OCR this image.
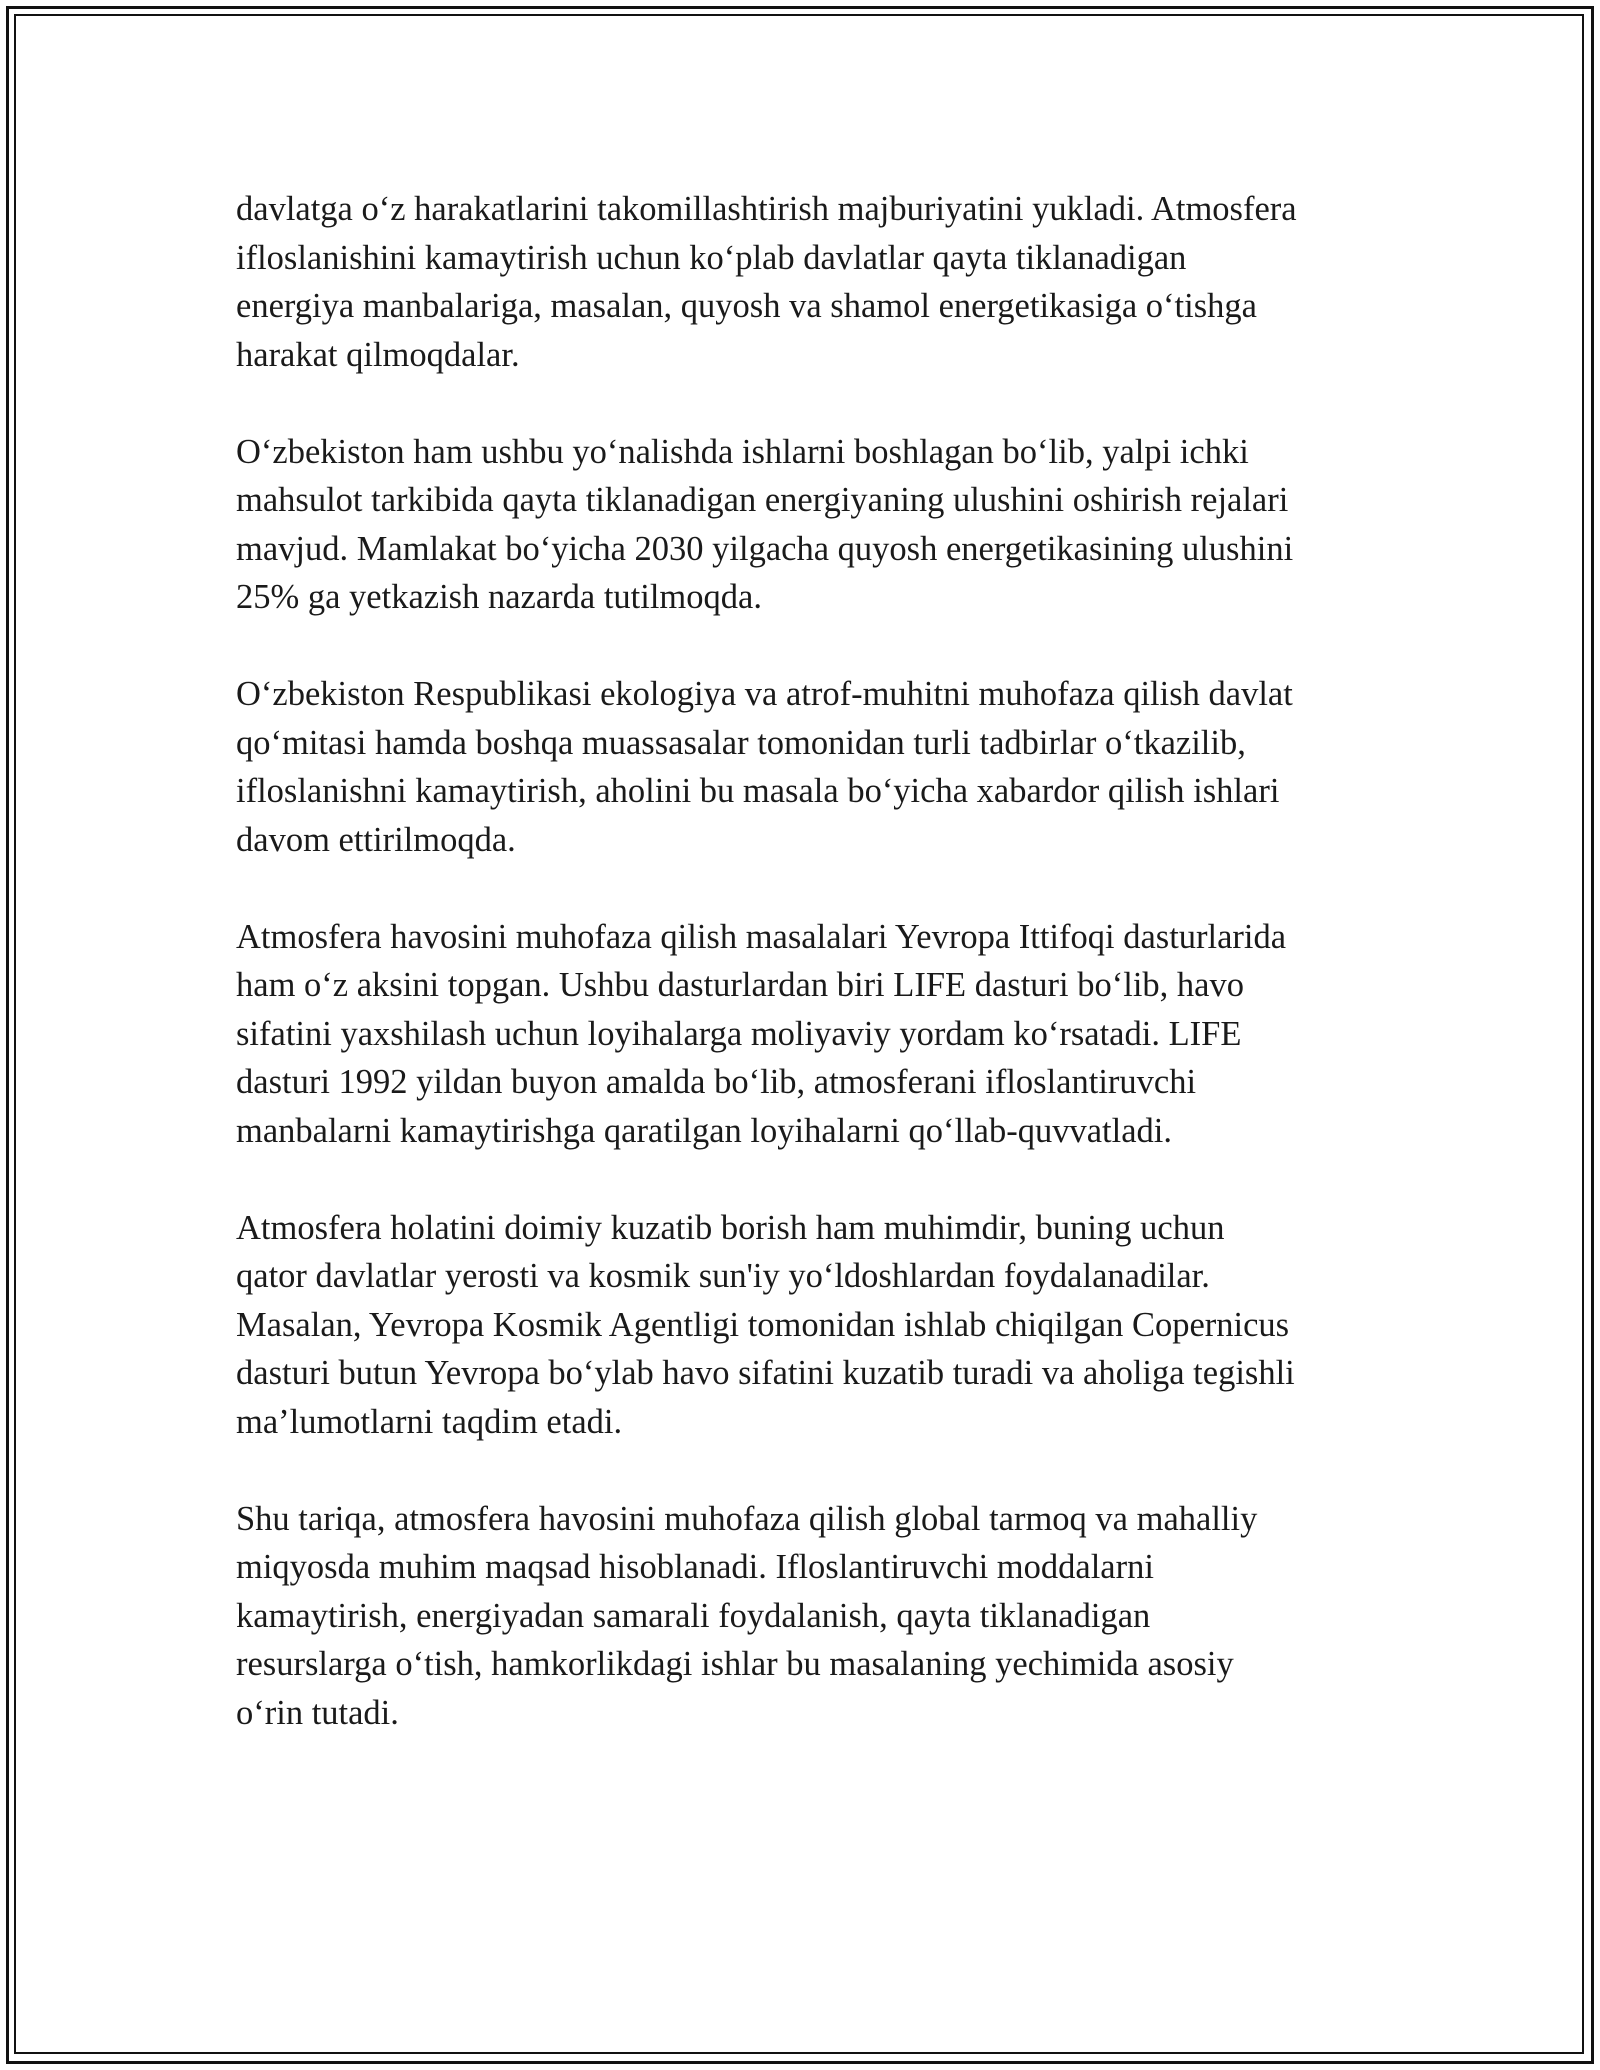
davlatga o‘z harakatlarini takomillashtirish majburiyatini yukladi. Atmosfera
ifloslanishini kamaytirish uchun ko‘plab davlatlar qayta tiklanadigan
energiya manbalariga, masalan, quyosh va shamol energetikasiga o‘tishga
harakat qilmoqdalar.

O‘zbekiston ham ushbu yo‘nalishda ishlarni boshlagan bo‘lib, yalpi ichki
mahsulot tarkibida qayta tiklanadigan energiyaning ulushini oshirish rejalari
mavjud. Mamlakat bo‘yicha 2030 yilgacha quyosh energetikasining ulushini
25% ga yetkazish nazarda tutilmoqda.

O‘zbekiston Respublikasi ekologiya va atrof-muhitni muhofaza qilish davlat
qo‘mitasi hamda boshqa muassasalar tomonidan turli tadbirlar o‘tkazilib,
ifloslanishni kamaytirish, aholini bu masala bo‘yicha xabardor qilish ishlari
davom ettirilmoqda.

Atmosfera havosini muhofaza qilish masalalari Yevropa Ittifoqi dasturlarida
ham o‘z aksini topgan. Ushbu dasturlardan biri LIFE dasturi bo‘lib, havo
sifatini yaxshilash uchun loyihalarga moliyaviy yordam ko‘rsatadi. LIFE
dasturi 1992 yildan buyon amalda bo‘lib, atmosferani ifloslantiruvchi
manbalarni kamaytirishga qaratilgan loyihalarni qo‘llab-quvvatladi.

Atmosfera holatini doimiy kuzatib borish ham muhimdir, buning uchun
qator davlatlar yerosti va kosmik sun'iy yo‘ldoshlardan foydalanadilar.
Masalan, Yevropa Kosmik Agentligi tomonidan ishlab chiqilgan Copernicus
dasturi butun Yevropa bo‘ylab havo sifatini kuzatib turadi va aholiga tegishli
ma’lumotlarni taqdim etadi.

Shu tariqa, atmosfera havosini muhofaza qilish global tarmoq va mahalliy
miqyosda muhim maqsad hisoblanadi. Ifloslantiruvchi moddalarni
kamaytirish, energiyadan samarali foydalanish, qayta tiklanadigan
resurslarga o‘tish, hamkorlikdagi ishlar bu masalaning yechimida asosiy
o‘rin tutadi.
